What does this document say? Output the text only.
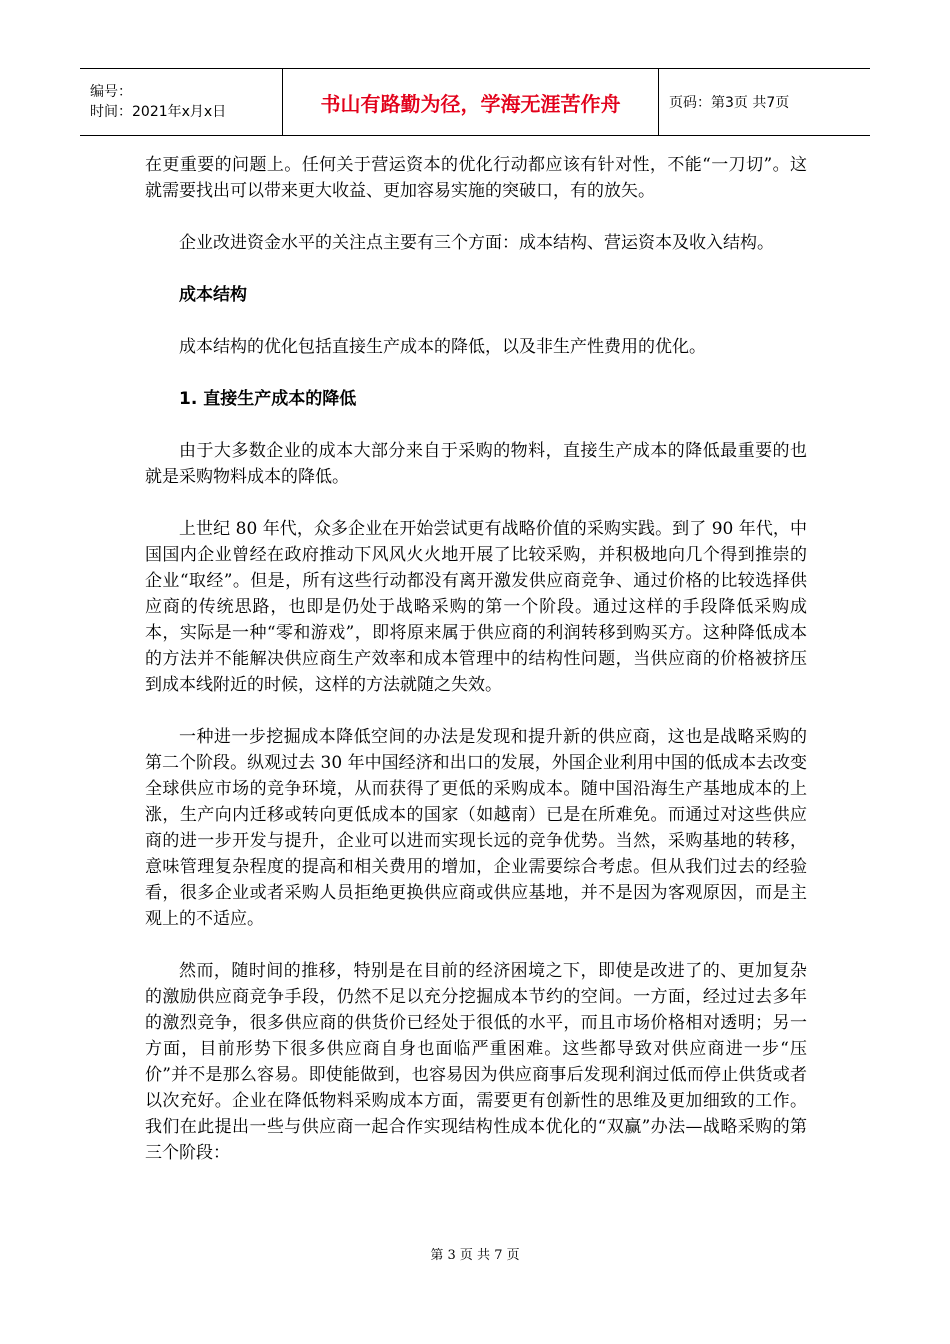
编号：
时间：2021年x月x日	书山有路勤为径，学海无涯苦作舟	页码：第3页 共7页

在更重要的问题上。任何关于营运资本的优化行动都应该有针对性，不能“一刀切”。这就需要找出可以带来更大收益、更加容易实施的突破口，有的放矢。

企业改进资金水平的关注点主要有三个方面：成本结构、营运资本及收入结构。

成本结构

成本结构的优化包括直接生产成本的降低，以及非生产性费用的优化。

1. 直接生产成本的降低

由于大多数企业的成本大部分来自于采购的物料，直接生产成本的降低最重要的也就是采购物料成本的降低。

上世纪 80 年代，众多企业在开始尝试更有战略价值的采购实践。到了 90 年代，中国国内企业曾经在政府推动下风风火火地开展了比较采购，并积极地向几个得到推崇的企业“取经”。但是，所有这些行动都没有离开激发供应商竞争、通过价格的比较选择供应商的传统思路，也即是仍处于战略采购的第一个阶段。通过这样的手段降低采购成本，实际是一种“零和游戏”，即将原来属于供应商的利润转移到购买方。这种降低成本的方法并不能解决供应商生产效率和成本管理中的结构性问题，当供应商的价格被挤压到成本线附近的时候，这样的方法就随之失效。

一种进一步挖掘成本降低空间的办法是发现和提升新的供应商，这也是战略采购的第二个阶段。纵观过去 30 年中国经济和出口的发展，外国企业利用中国的低成本去改变全球供应市场的竞争环境，从而获得了更低的采购成本。随中国沿海生产基地成本的上涨，生产向内迁移或转向更低成本的国家（如越南）已是在所难免。而通过对这些供应商的进一步开发与提升，企业可以进而实现长远的竞争优势。当然，采购基地的转移，意味管理复杂程度的提高和相关费用的增加，企业需要综合考虑。但从我们过去的经验看，很多企业或者采购人员拒绝更换供应商或供应基地，并不是因为客观原因，而是主观上的不适应。

然而，随时间的推移，特别是在目前的经济困境之下，即使是改进了的、更加复杂的激励供应商竞争手段，仍然不足以充分挖掘成本节约的空间。一方面，经过过去多年的激烈竞争，很多供应商的供货价已经处于很低的水平，而且市场价格相对透明；另一方面，目前形势下很多供应商自身也面临严重困难。这些都导致对供应商进一步“压价”并不是那么容易。即使能做到，也容易因为供应商事后发现利润过低而停止供货或者以次充好。企业在降低物料采购成本方面，需要更有创新性的思维及更加细致的工作。我们在此提出一些与供应商一起合作实现结构性成本优化的“双赢”办法—战略采购的第三个阶段：

第 3 页 共 7 页
